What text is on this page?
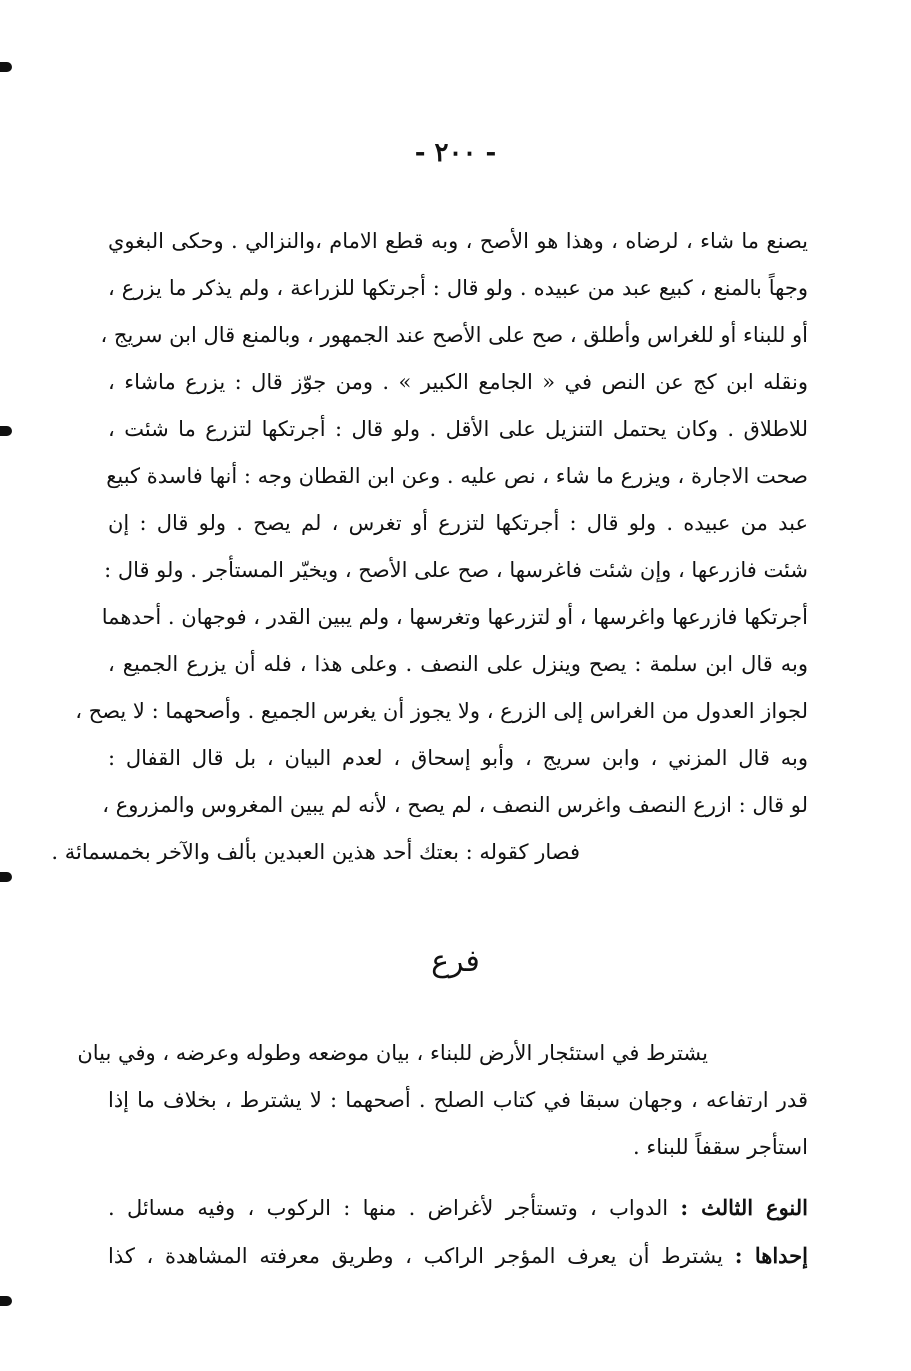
- ٢٠٠ -
يصنع ما شاء ، لرضاه ، وهذا هو الأصح ، وبه قطع الامام ،والنزالي . وحكى البغوي
وجهاً بالمنع ، كبيع عبد من عبيده . ولو قال : أجرتكها للزراعة ، ولم يذكر ما يزرع ،
أو للبناء أو للغراس وأطلق ، صح على الأصح عند الجمهور ، وبالمنع قال ابن سريج ،
ونقله ابن كج عن النص في « الجامع الكبير » . ومن جوّز قال : يزرع ماشاء ،
للاطلاق . وكان يحتمل التنزيل على الأقل . ولو قال : أجرتكها لتزرع ما شئت ،
صحت الاجارة ، ويزرع ما شاء ، نص عليه . وعن ابن القطان وجه : أنها فاسدة كبيع
عبد من عبيده . ولو قال : أجرتكها لتزرع أو تغرس ، لم يصح . ولو قال : إن
شئت فازرعها ، وإن شئت فاغرسها ، صح على الأصح ، ويخيّر المستأجر . ولو قال :
أجرتكها فازرعها واغرسها ، أو لتزرعها وتغرسها ، ولم يبين القدر ، فوجهان . أحدهما
وبه قال ابن سلمة : يصح وينزل على النصف . وعلى هذا ، فله أن يزرع الجميع ،
لجواز العدول من الغراس إلى الزرع ، ولا يجوز أن يغرس الجميع . وأصحهما : لا يصح ،
وبه قال المزني ، وابن سريج ، وأبو إسحاق ، لعدم البيان ، بل قال القفال :
لو قال : ازرع النصف واغرس النصف ، لم يصح ، لأنه لم يبين المغروس والمزروع ،
فصار كقوله : بعتك أحد هذين العبدين بألف والآخر بخمسمائة .
فرع
يشترط في استئجار الأرض للبناء ، بيان موضعه وطوله وعرضه ، وفي بيان
قدر ارتفاعه ، وجهان سبقا في كتاب الصلح . أصحهما : لا يشترط ، بخلاف ما إذا
استأجر سقفاً للبناء .
النوع الثالث : الدواب ، وتستأجر لأغراض . منها : الركوب ، وفيه مسائل .
إحداها : يشترط أن يعرف المؤجر الراكب ، وطريق معرفته المشاهدة ، كذا
